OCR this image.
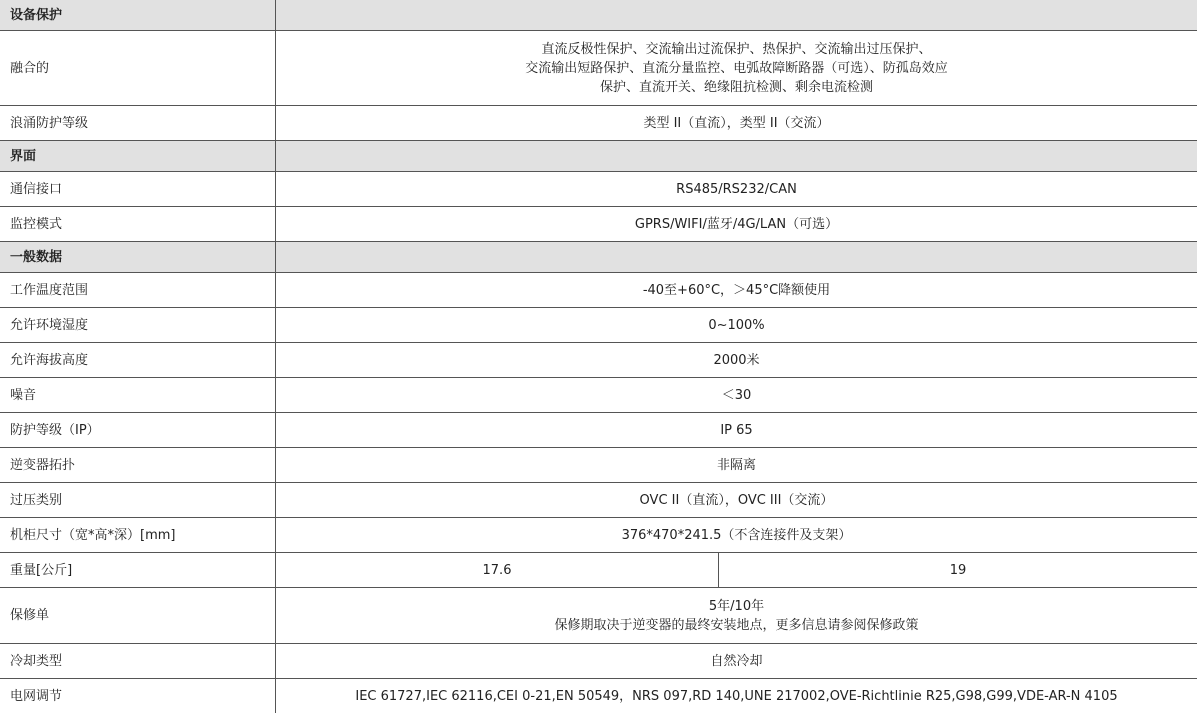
设备保护		
融合的	直流反极性保护、交流输出过流保护、热保护、交流输出过压保护、
交流输出短路保护、直流分量监控、电弧故障断路器（可选）、防孤岛效应
保护、直流开关、绝缘阻抗检测、剩余电流检测	

浪涌防护等级	类型 II（直流），类型 II（交流）	
界面		
通信接口	RS485/RS232/CAN	
监控模式	GPRS/WIFI/蓝牙/4G/LAN（可选）	
一般数据		
工作温度范围	-40至+60°C，＞45°C降额使用	
允许环境湿度	0~100%	
允许海拔高度	2000米	
噪音	＜30	
防护等级（IP）	IP 65	
逆变器拓扑	非隔离	
过压类别	OVC II（直流），OVC III（交流）	
机柜尺寸（宽*高*深）[mm]	376*470*241.5（不含连接件及支架）	
重量[公斤]	17.6	19
保修单	5年/10年
保修期取决于逆变器的最终安装地点，更多信息请参阅保修政策	

冷却类型	自然冷却	
电网调节	IEC 61727,IEC 62116,CEI 0-21,EN 50549，NRS 097,RD 140,UNE 217002,OVE-Richtlinie R25,G98,G99,VDE-AR-N 4105	
